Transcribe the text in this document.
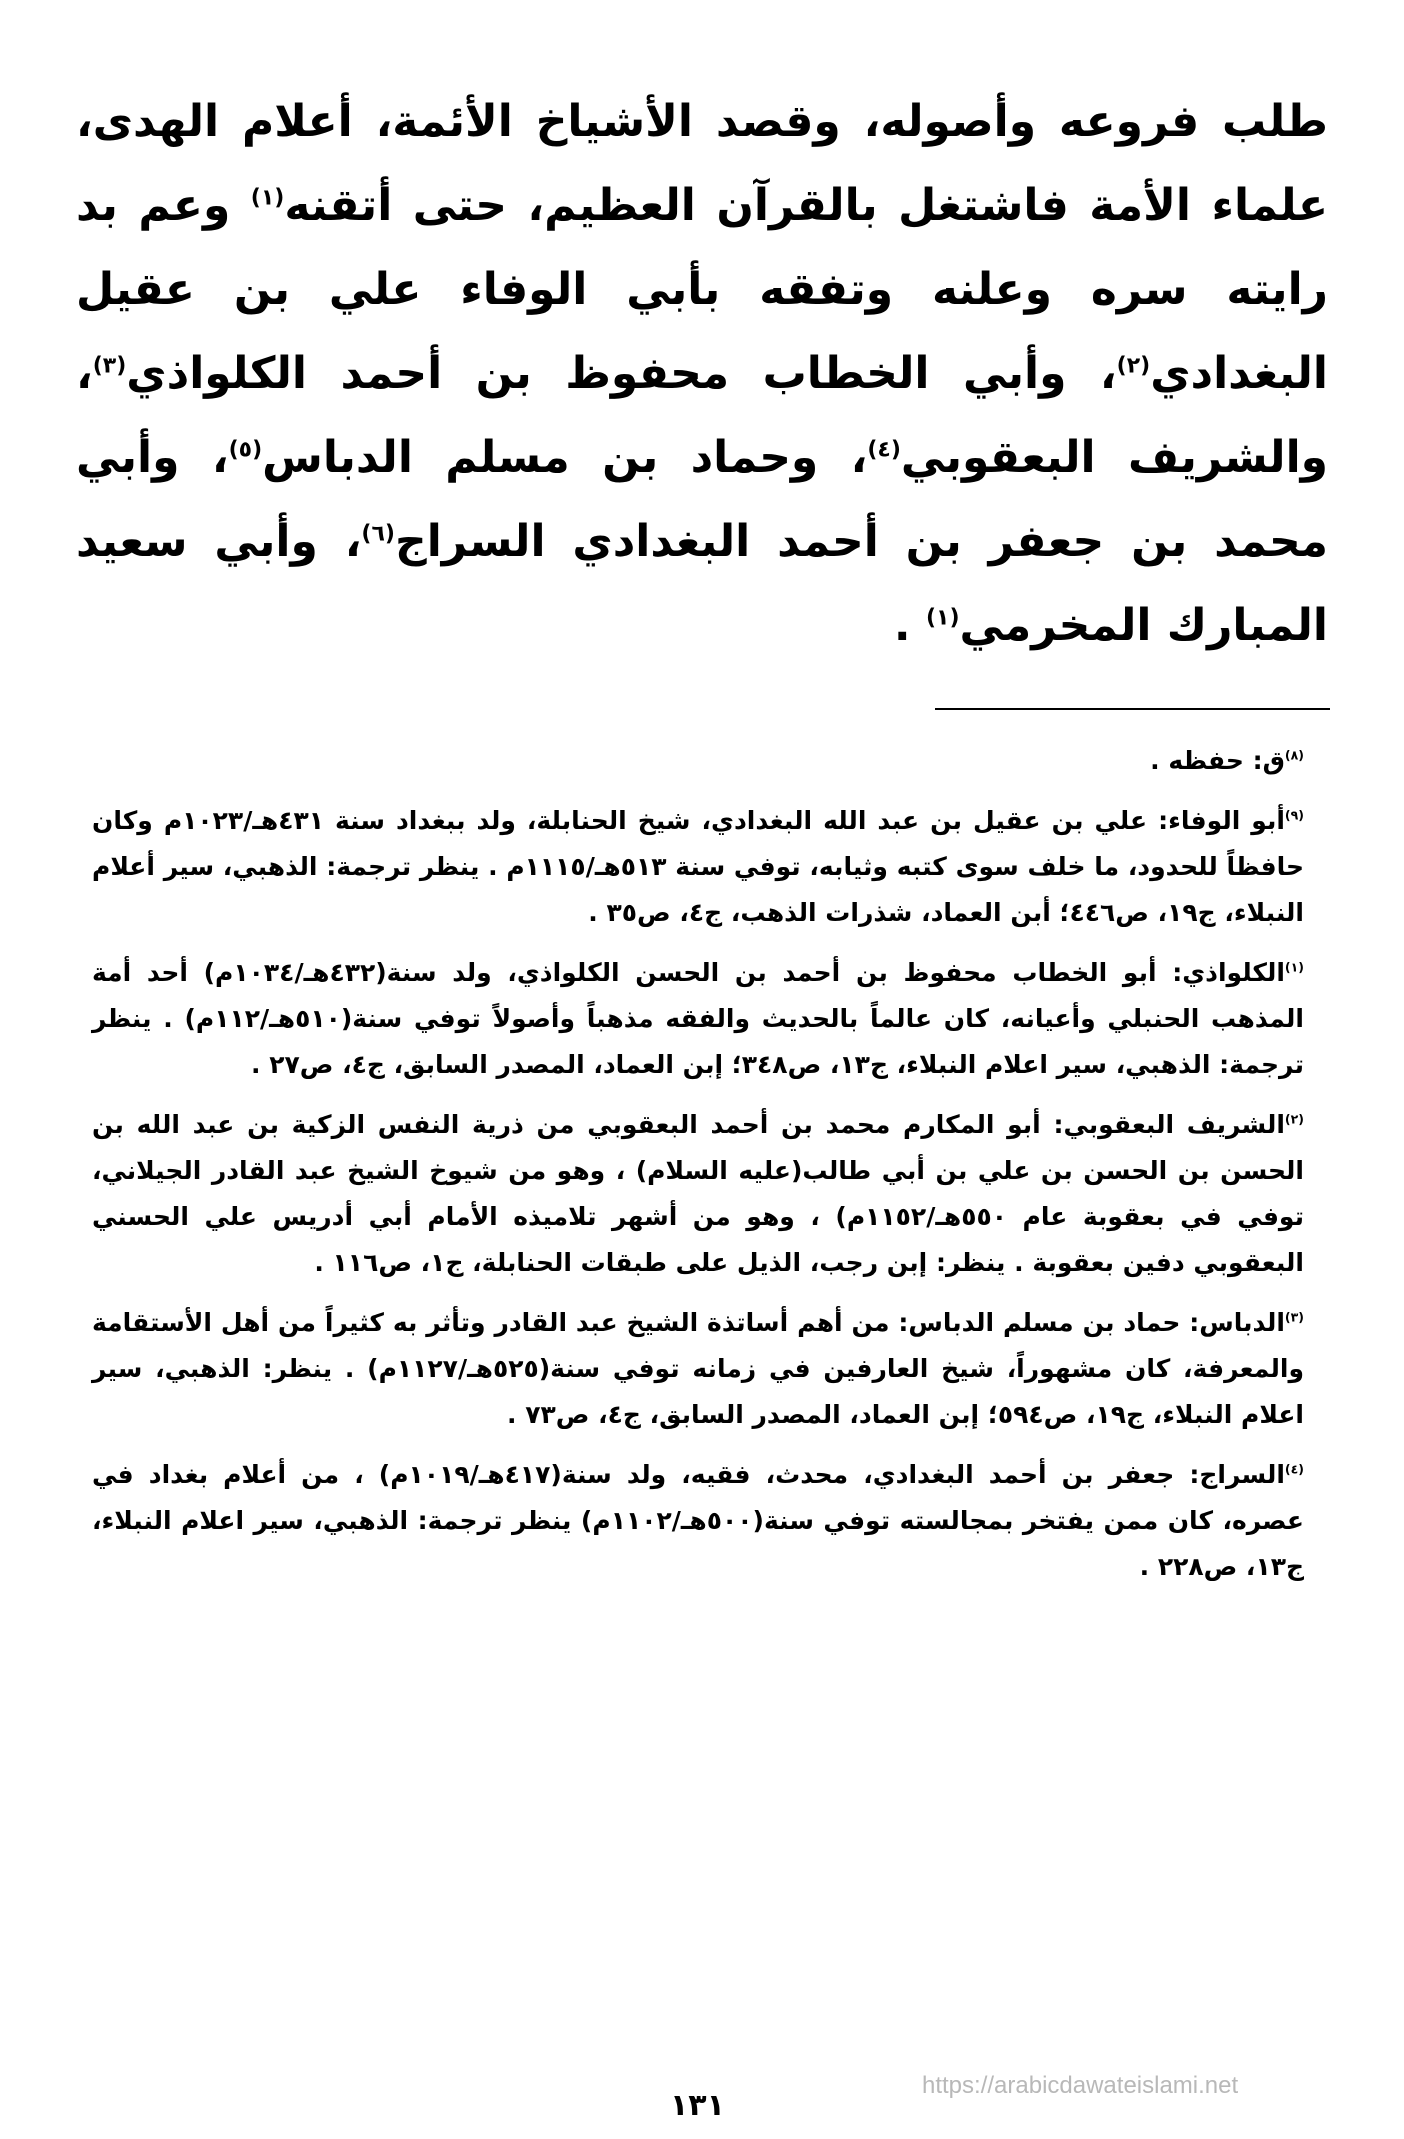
طلب فروعه وأصوله، وقصد الأشياخ الأئمة، أعلام الهدى، علماء الأمة فاشتغل بالقرآن العظيم، حتى أتقنه$^{(١)}$ وعم بد رايته سره وعلنه وتفقه بأبي الوفاء علي بن عقيل البغدادي$^{(٢)}$، وأبي الخطاب محفوظ بن أحمد الكلواذي$^{(٣)}$، والشريف البعقوبي$^{(٤)}$، وحماد بن مسلم الدباس$^{(٥)}$، وأبي محمد بن جعفر بن أحمد البغدادي السراج$^{(٦)}$، وأبي سعيد المبارك المخرمي$^{(١)}$ .

$^{(٨)}$ق: حفظه .

$^{(٩)}$أبو الوفاء: علي بن عقيل بن عبد الله البغدادي، شيخ الحنابلة، ولد ببغداد سنة ٤٣١هـ/١٠٢٣م وكان حافظاً للحدود، ما خلف سوى كتبه وثيابه، توفي سنة ٥١٣هـ/١١١٥م . ينظر ترجمة: الذهبي، سير أعلام النبلاء، ج١٩، ص٤٤٦؛ أبن العماد، شذرات الذهب، ج٤، ص٣٥ .

$^{(١)}$الكلواذي: أبو الخطاب محفوظ بن أحمد بن الحسن الكلواذي، ولد سنة(٤٣٢هـ/١٠٣٤م) أحد أمة المذهب الحنبلي وأعيانه، كان عالماً بالحديث والفقه مذهباً وأصولاً توفي سنة(٥١٠هـ/١١٢م) . ينظر ترجمة: الذهبي، سير اعلام النبلاء، ج١٣، ص٣٤٨؛ إبن العماد، المصدر السابق، ج٤، ص٢٧ .

$^{(٢)}$الشريف البعقوبي: أبو المكارم محمد بن أحمد البعقوبي من ذرية النفس الزكية بن عبد الله بن الحسن بن الحسن بن علي بن أبي طالب(عليه السلام) ، وهو من شيوخ الشيخ عبد القادر الجيلاني، توفي في بعقوبة عام ٥٥٠هـ/١١٥٢م) ، وهو من أشهر تلاميذه الأمام أبي أدريس علي الحسني البعقوبي دفين بعقوبة . ينظر: إبن رجب، الذيل على طبقات الحنابلة، ج١، ص١١٦ .

$^{(٣)}$الدباس: حماد بن مسلم الدباس: من أهم أساتذة الشيخ عبد القادر وتأثر به كثيراً من أهل الأستقامة والمعرفة، كان مشهوراً، شيخ العارفين في زمانه توفي سنة(٥٢٥هـ/١١٢٧م) . ينظر: الذهبي، سير اعلام النبلاء، ج١٩، ص٥٩٤؛ إبن العماد، المصدر السابق، ج٤، ص٧٣ .

$^{(٤)}$السراج: جعفر بن أحمد البغدادي، محدث، فقيه، ولد سنة(٤١٧هـ/١٠١٩م) ، من أعلام بغداد في عصره، كان ممن يفتخر بمجالسته توفي سنة(٥٠٠هـ/١١٠٢م) ينظر ترجمة: الذهبي، سير اعلام النبلاء، ج١٣، ص٢٢٨ .

https://arabicdawateislami.net
١٣١
